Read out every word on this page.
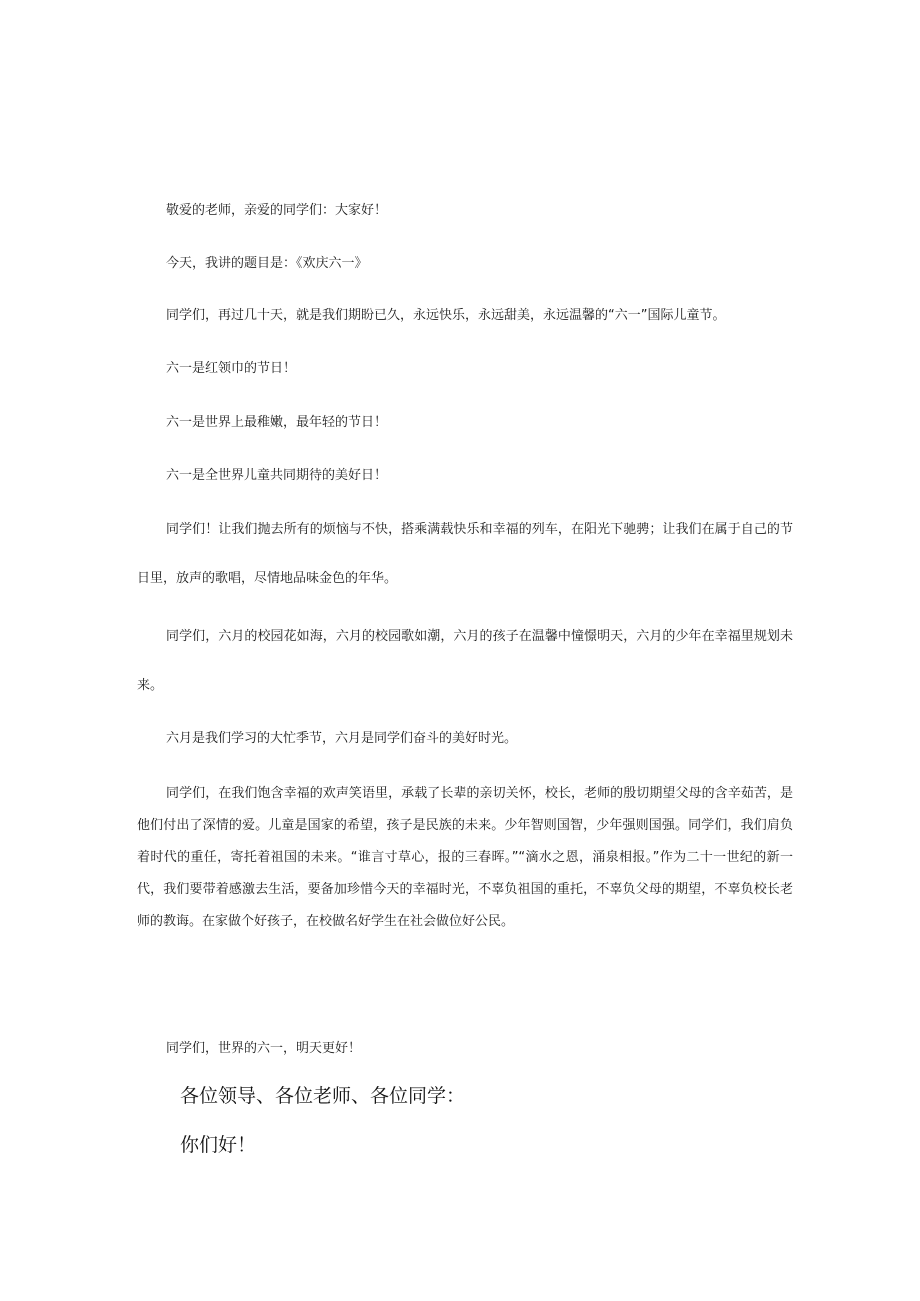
敬爱的老师，亲爱的同学们：大家好！

今天，我讲的题目是：《欢庆六一》

同学们，再过几十天，就是我们期盼已久，永远快乐，永远甜美，永远温馨的“六一”国际儿童节。

六一是红领巾的节日！

六一是世界上最稚嫩，最年轻的节日！

六一是全世界儿童共同期待的美好日！

同学们！让我们抛去所有的烦恼与不快，搭乘满载快乐和幸福的列车，在阳光下驰骋；让我们在属于自己的节日里，放声的歌唱，尽情地品味金色的年华。

同学们，六月的校园花如海，六月的校园歌如潮，六月的孩子在温馨中憧憬明天，六月的少年在幸福里规划未来。

六月是我们学习的大忙季节，六月是同学们奋斗的美好时光。

同学们，在我们饱含幸福的欢声笑语里，承载了长辈的亲切关怀，校长，老师的殷切期望父母的含辛茹苦，是他们付出了深情的爱。儿童是国家的希望，孩子是民族的未来。少年智则国智，少年强则国强。同学们，我们肩负着时代的重任，寄托着祖国的未来。“谁言寸草心，报的三春晖。”“滴水之恩，涌泉相报。”作为二十一世纪的新一代，我们要带着感激去生活，要备加珍惜今天的幸福时光，不辜负祖国的重托，不辜负父母的期望，不辜负校长老师的教诲。在家做个好孩子，在校做名好学生在社会做位好公民。

同学们，世界的六一，明天更好！

各位领导、各位老师、各位同学：

你们好！
